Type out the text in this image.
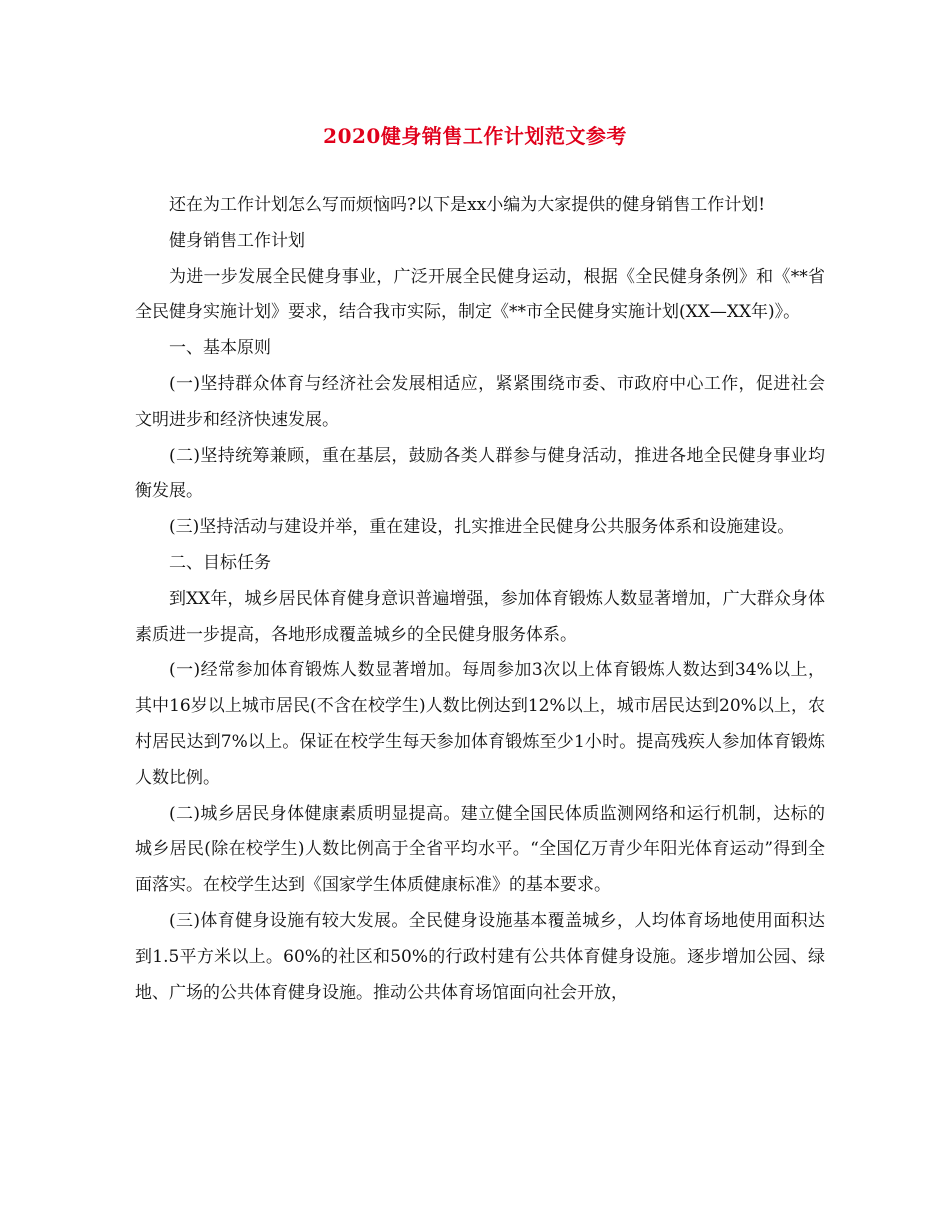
2020健身销售工作计划范文参考

还在为工作计划怎么写而烦恼吗?以下是xx小编为大家提供的健身销售工作计划!

健身销售工作计划

为进一步发展全民健身事业，广泛开展全民健身运动，根据《全民健身条例》和《**省全民健身实施计划》要求，结合我市实际，制定《**市全民健身实施计划(XX—XX年)》。

一、基本原则

(一)坚持群众体育与经济社会发展相适应，紧紧围绕市委、市政府中心工作，促进社会文明进步和经济快速发展。

(二)坚持统筹兼顾，重在基层，鼓励各类人群参与健身活动，推进各地全民健身事业均衡发展。

(三)坚持活动与建设并举，重在建设，扎实推进全民健身公共服务体系和设施建设。

二、目标任务

到XX年，城乡居民体育健身意识普遍增强，参加体育锻炼人数显著增加，广大群众身体素质进一步提高，各地形成覆盖城乡的全民健身服务体系。

(一)经常参加体育锻炼人数显著增加。每周参加3次以上体育锻炼人数达到34%以上，其中16岁以上城市居民(不含在校学生)人数比例达到12%以上，城市居民达到20%以上，农村居民达到7%以上。保证在校学生每天参加体育锻炼至少1小时。提高残疾人参加体育锻炼人数比例。

(二)城乡居民身体健康素质明显提高。建立健全国民体质监测网络和运行机制，达标的城乡居民(除在校学生)人数比例高于全省平均水平。“全国亿万青少年阳光体育运动”得到全面落实。在校学生达到《国家学生体质健康标准》的基本要求。

(三)体育健身设施有较大发展。全民健身设施基本覆盖城乡，人均体育场地使用面积达到1.5平方米以上。60%的社区和50%的行政村建有公共体育健身设施。逐步增加公园、绿地、广场的公共体育健身设施。推动公共体育场馆面向社会开放，
